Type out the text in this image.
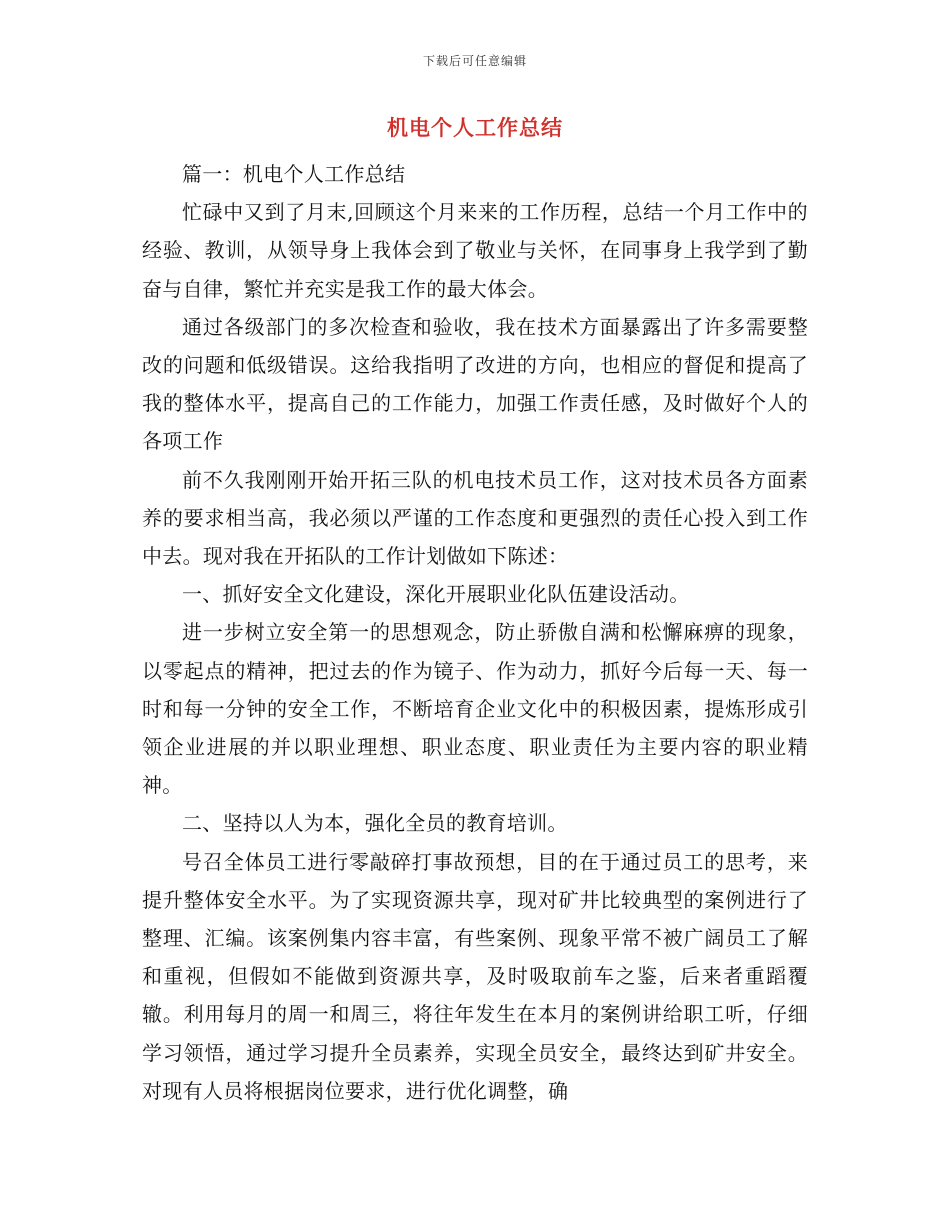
下载后可任意编辑
机电个人工作总结

篇一：机电个人工作总结

忙碌中又到了月末,回顾这个月来来的工作历程，总结一个月工作中的经验、教训，从领导身上我体会到了敬业与关怀，在同事身上我学到了勤奋与自律，繁忙并充实是我工作的最大体会。

通过各级部门的多次检查和验收，我在技术方面暴露出了许多需要整改的问题和低级错误。这给我指明了改进的方向，也相应的督促和提高了我的整体水平，提高自己的工作能力，加强工作责任感，及时做好个人的各项工作

前不久我刚刚开始开拓三队的机电技术员工作，这对技术员各方面素养的要求相当高，我必须以严谨的工作态度和更强烈的责任心投入到工作中去。现对我在开拓队的工作计划做如下陈述：

一、抓好安全文化建设，深化开展职业化队伍建设活动。

进一步树立安全第一的思想观念，防止骄傲自满和松懈麻痹的现象，以零起点的精神，把过去的作为镜子、作为动力，抓好今后每一天、每一时和每一分钟的安全工作，不断培育企业文化中的积极因素，提炼形成引领企业进展的并以职业理想、职业态度、职业责任为主要内容的职业精神。

二、坚持以人为本，强化全员的教育培训。

号召全体员工进行零敲碎打事故预想，目的在于通过员工的思考，来提升整体安全水平。为了实现资源共享，现对矿井比较典型的案例进行了整理、汇编。该案例集内容丰富，有些案例、现象平常不被广阔员工了解和重视，但假如不能做到资源共享，及时吸取前车之鉴，后来者重蹈覆辙。利用每月的周一和周三，将往年发生在本月的案例讲给职工听，仔细学习领悟，通过学习提升全员素养，实现全员安全，最终达到矿井安全。对现有人员将根据岗位要求，进行优化调整，确
